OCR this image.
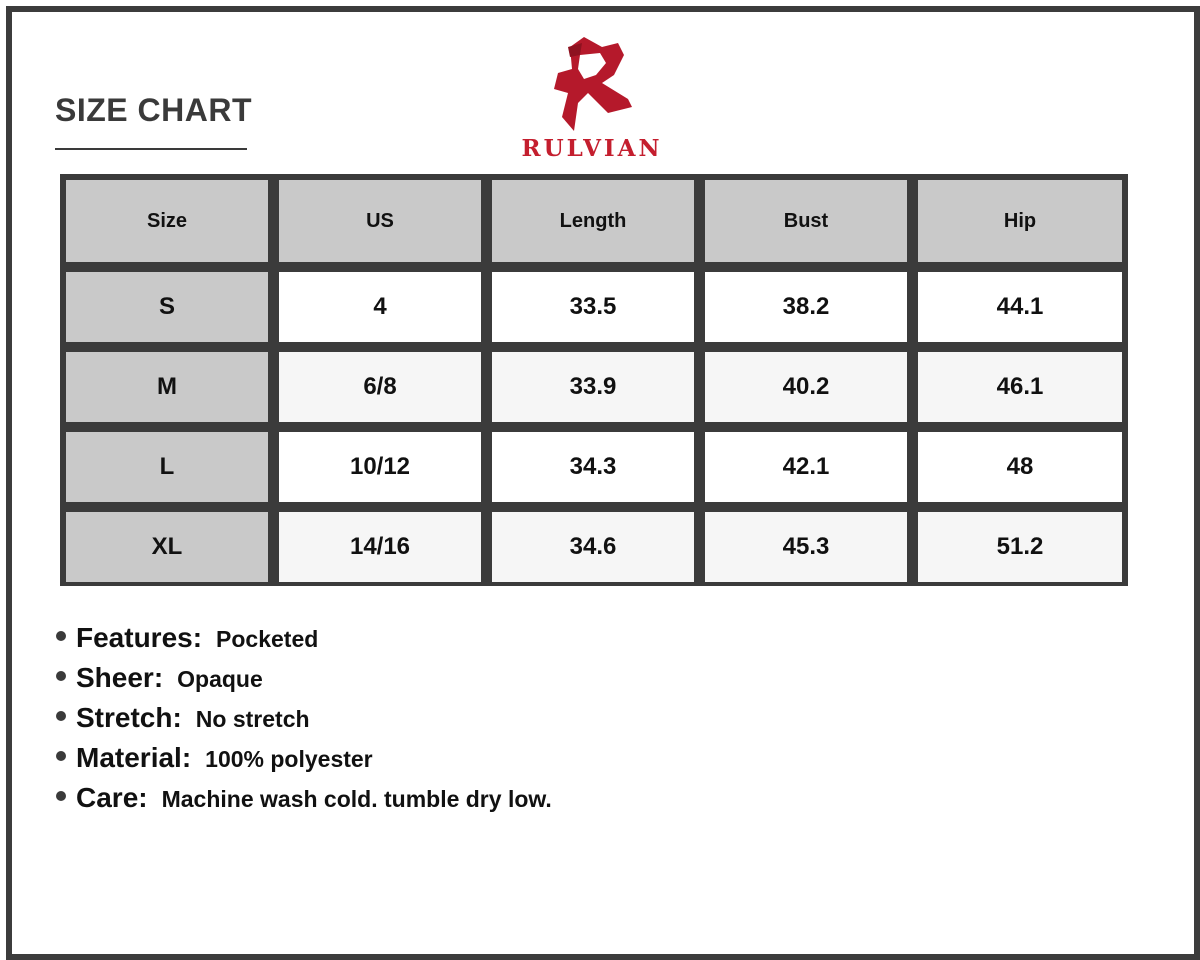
SIZE CHART
RULVIAN
Size	US	Length	Bust	Hip
S	4	33.5	38.2	44.1
M	6/8	33.9	40.2	46.1
L	10/12	34.3	42.1	48
XL	14/16	34.6	45.3	51.2
Features: Pocketed
Sheer: Opaque
Stretch: No stretch
Material: 100% polyester
Care: Machine wash cold. tumble dry low.
